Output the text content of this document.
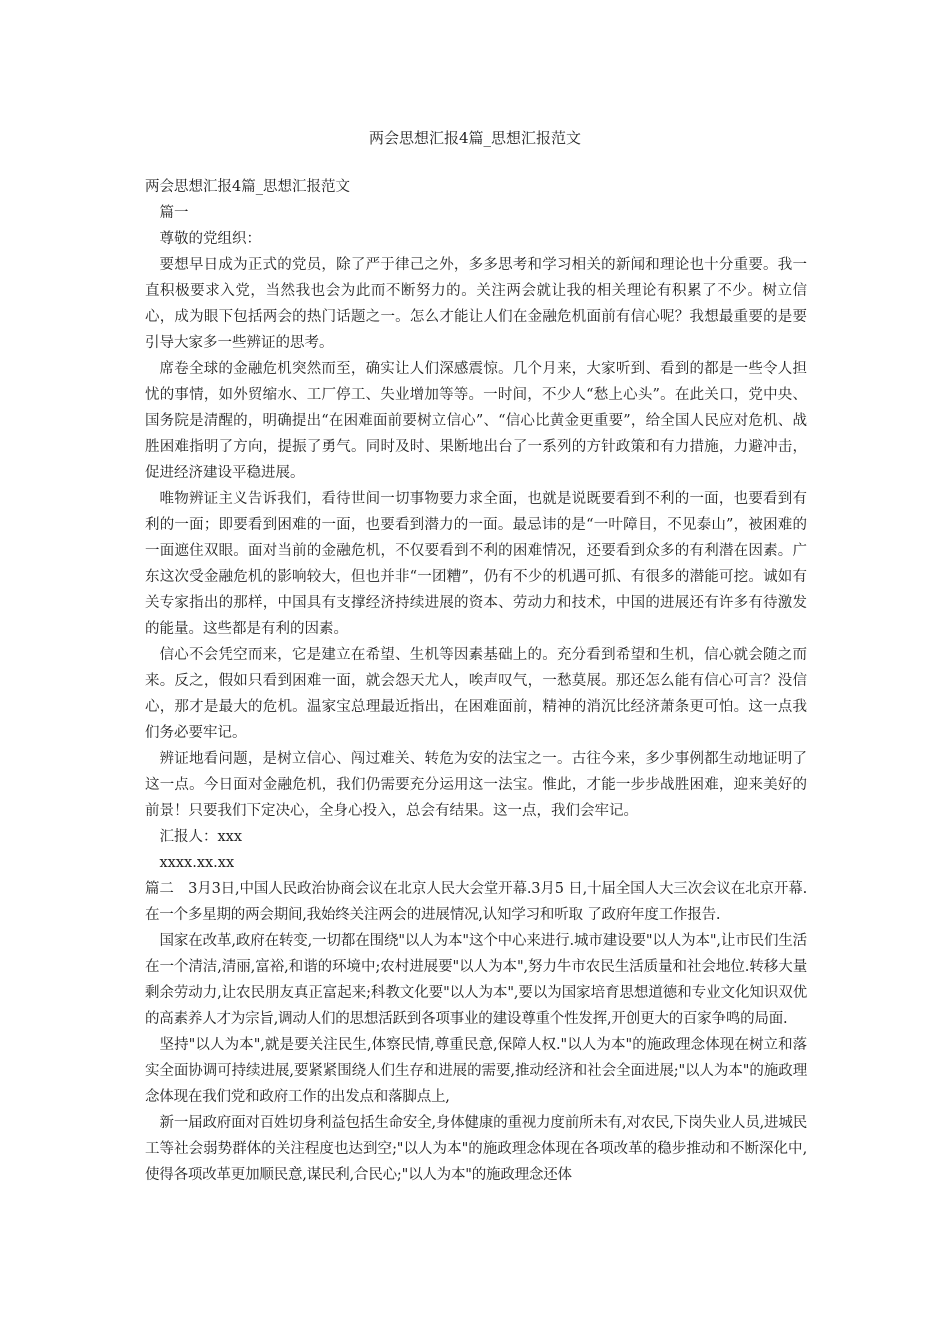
两会思想汇报4篇_思想汇报范文

两会思想汇报4篇_思想汇报范文

篇一

尊敬的党组织：

要想早日成为正式的党员，除了严于律己之外，多多思考和学习相关的新闻和理论也十分重要。我一直积极要求入党，当然我也会为此而不断努力的。关注两会就让我的相关理论有积累了不少。树立信心，成为眼下包括两会的热门话题之一。怎么才能让人们在金融危机面前有信心呢？我想最重要的是要引导大家多一些辨证的思考。

席卷全球的金融危机突然而至，确实让人们深感震惊。几个月来，大家听到、看到的都是一些令人担忧的事情，如外贸缩水、工厂停工、失业增加等等。一时间，不少人“愁上心头”。在此关口，党中央、国务院是清醒的，明确提出“在困难面前要树立信心”、“信心比黄金更重要”，给全国人民应对危机、战胜困难指明了方向，提振了勇气。同时及时、果断地出台了一系列的方针政策和有力措施，力避冲击，促进经济建设平稳进展。

唯物辨证主义告诉我们，看待世间一切事物要力求全面，也就是说既要看到不利的一面，也要看到有利的一面；即要看到困难的一面，也要看到潜力的一面。最忌讳的是“一叶障目，不见泰山”，被困难的一面遮住双眼。面对当前的金融危机，不仅要看到不利的困难情况，还要看到众多的有利潜在因素。广东这次受金融危机的影响较大，但也并非“一团糟”，仍有不少的机遇可抓、有很多的潜能可挖。诚如有关专家指出的那样，中国具有支撑经济持续进展的资本、劳动力和技术，中国的进展还有许多有待激发的能量。这些都是有利的因素。

信心不会凭空而来，它是建立在希望、生机等因素基础上的。充分看到希望和生机，信心就会随之而来。反之，假如只看到困难一面，就会怨天尤人，唉声叹气，一愁莫展。那还怎么能有信心可言？没信心，那才是最大的危机。温家宝总理最近指出，在困难面前，精神的消沉比经济萧条更可怕。这一点我们务必要牢记。

辨证地看问题，是树立信心、闯过难关、转危为安的法宝之一。古往今来，多少事例都生动地证明了这一点。今日面对金融危机，我们仍需要充分运用这一法宝。惟此，才能一步步战胜困难，迎来美好的前景！只要我们下定决心，全身心投入，总会有结果。这一点，我们会牢记。

汇报人：xxx

xxxx.xx.xx

篇二　3月3日,中国人民政治协商会议在北京人民大会堂开幕.3月5 日,十届全国人大三次会议在北京开幕.在一个多星期的两会期间,我始终关注两会的进展情况,认知学习和听取 了政府年度工作报告.

国家在改革,政府在转变,一切都在围绕"以人为本"这个中心来进行.城市建设要"以人为本",让市民们生活在一个清洁,清丽,富裕,和谐的环境中;农村进展要"以人为本",努力牛市农民生活质量和社会地位.转移大量剩余劳动力,让农民朋友真正富起来;科教文化要"以人为本",要以为国家培育思想道德和专业文化知识双优的高素养人才为宗旨,调动人们的思想活跃到各项事业的建设尊重个性发挥,开创更大的百家争鸣的局面.

坚持"以人为本",就是要关注民生,体察民情,尊重民意,保障人权."以人为本"的施政理念体现在树立和落实全面协调可持续进展,要紧紧围绕人们生存和进展的需要,推动经济和社会全面进展;"以人为本"的施政理念体现在我们党和政府工作的出发点和落脚点上,

新一届政府面对百姓切身利益包括生命安全,身体健康的重视力度前所未有,对农民,下岗失业人员,进城民工等社会弱势群体的关注程度也达到空;"以人为本"的施政理念体现在各项改革的稳步推动和不断深化中,使得各项改革更加顺民意,谋民利,合民心;"以人为本"的施政理念还体
